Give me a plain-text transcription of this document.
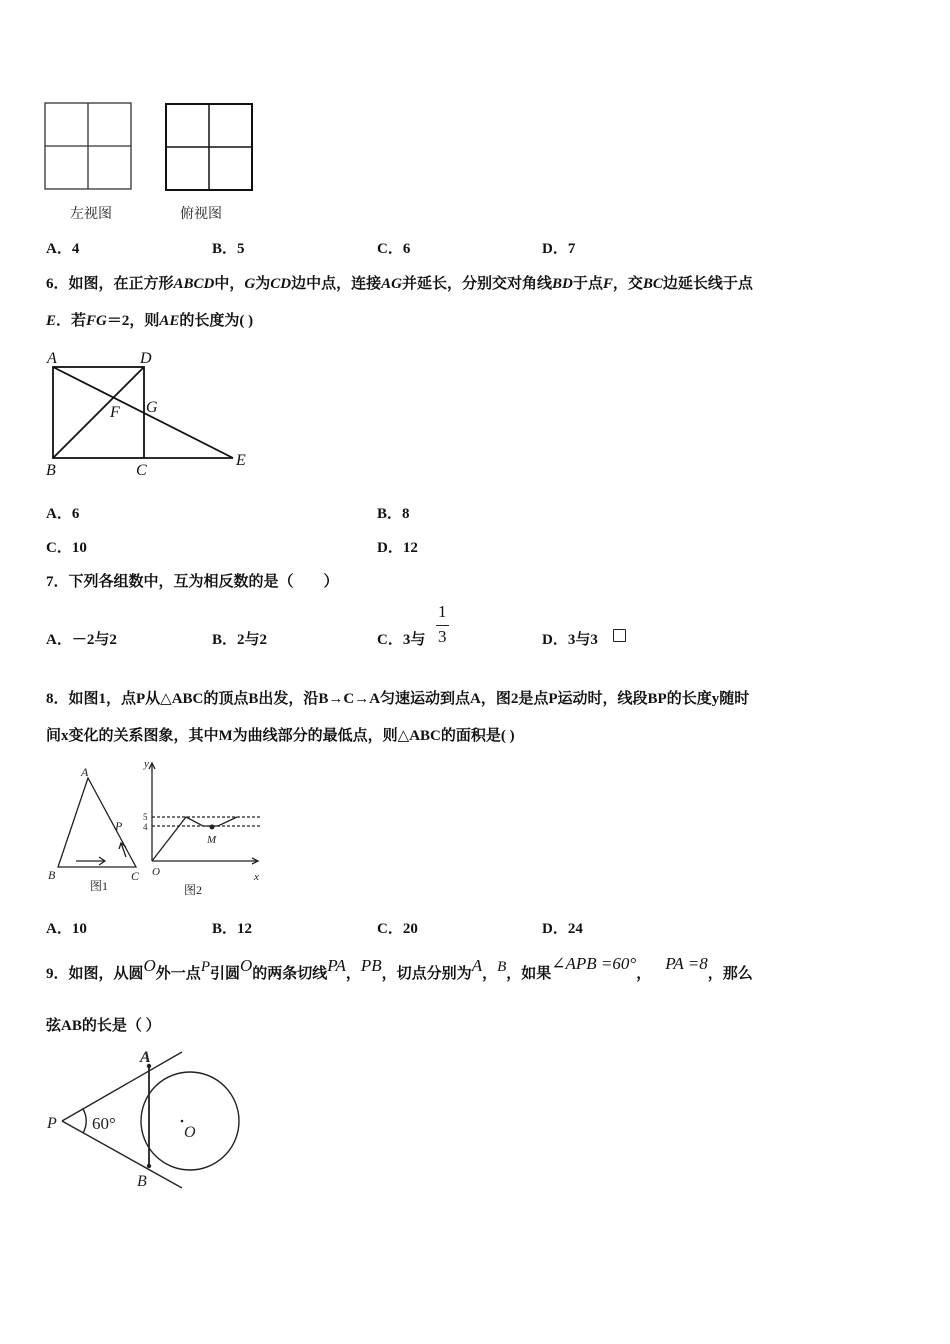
左视图	俯视图
A．4	B．5	C．6	D．7
6．如图，在正方形ABCD中，G为CD边中点，连接AG并延长，分别交对角线BD于点F，交BC边延长线于点
E．若FG＝2，则AE的长度为( )
A	D
F G
B	C
E
A．6	B．8
C．10	D．12
7．下列各组数中，互为相反数的是（　　）
A．－2与2	B．2与2	C．3与
1
3	D．3与3
8．如图1，点P从△ABC的顶点B出发，沿B→C→A匀速运动到点A，图2是点P运动时，线段BP的长度y随时
间x变化的关系图象，其中M为曲线部分的最低点，则△ABC的面积是( )
A
B	C
P
图1
y
x
O
M
5
4
图2
A．10	B．12	C．20	D．24
9．如图，从圆O外一点P引圆O的两条切线PA，PB，切点分别为A，B，如果∠APB =60°，PA =8，那么
弦AB的长是（ ）
P
A
B
O
60°
